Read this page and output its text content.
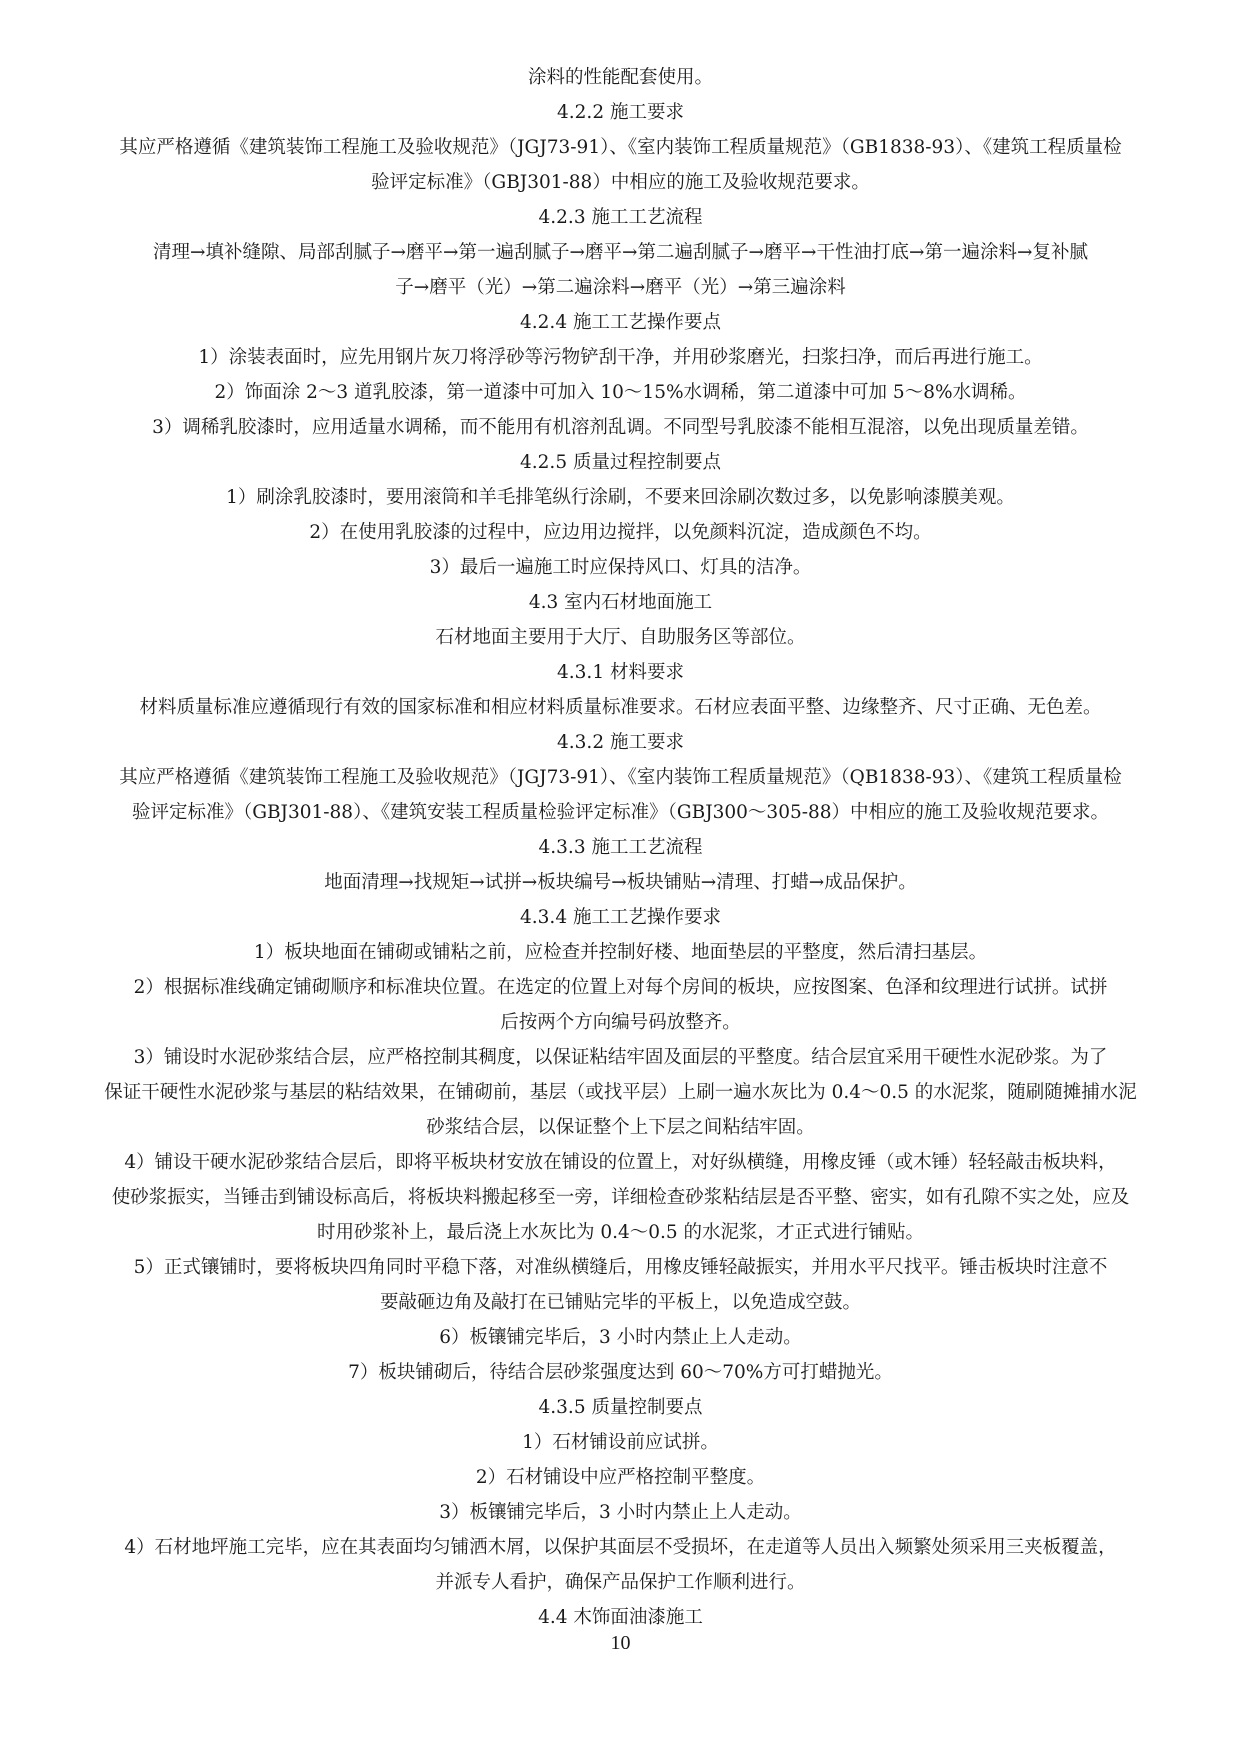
涂料的性能配套使用。
4.2.2 施工要求
其应严格遵循《建筑装饰工程施工及验收规范》（JGJ73-91）、《室内装饰工程质量规范》（GB1838-93）、《建筑工程质量检
验评定标准》（GBJ301-88）中相应的施工及验收规范要求。
4.2.3 施工工艺流程
清理→填补缝隙、局部刮腻子→磨平→第一遍刮腻子→磨平→第二遍刮腻子→磨平→干性油打底→第一遍涂料→复补腻
子→磨平（光）→第二遍涂料→磨平（光）→第三遍涂料
4.2.4 施工工艺操作要点
1）涂装表面时，应先用钢片灰刀将浮砂等污物铲刮干净，并用砂浆磨光，扫浆扫净，而后再进行施工。
2）饰面涂 2～3 道乳胶漆，第一道漆中可加入 10～15%水调稀，第二道漆中可加 5～8%水调稀。
3）调稀乳胶漆时，应用适量水调稀，而不能用有机溶剂乱调。不同型号乳胶漆不能相互混溶，以免出现质量差错。
4.2.5 质量过程控制要点
1）刷涂乳胶漆时，要用滚筒和羊毛排笔纵行涂刷，不要来回涂刷次数过多，以免影响漆膜美观。
2）在使用乳胶漆的过程中，应边用边搅拌，以免颜料沉淀，造成颜色不均。
3）最后一遍施工时应保持风口、灯具的洁净。
4.3 室内石材地面施工
石材地面主要用于大厅、自助服务区等部位。
4.3.1 材料要求
材料质量标准应遵循现行有效的国家标准和相应材料质量标准要求。石材应表面平整、边缘整齐、尺寸正确、无色差。
4.3.2 施工要求
其应严格遵循《建筑装饰工程施工及验收规范》（JGJ73-91）、《室内装饰工程质量规范》（QB1838-93）、《建筑工程质量检
验评定标准》（GBJ301-88）、《建筑安装工程质量检验评定标准》（GBJ300～305-88）中相应的施工及验收规范要求。
4.3.3 施工工艺流程
地面清理→找规矩→试拼→板块编号→板块铺贴→清理、打蜡→成品保护。
4.3.4 施工工艺操作要求
1）板块地面在铺砌或铺粘之前，应检查并控制好楼、地面垫层的平整度，然后清扫基层。
2）根据标准线确定铺砌顺序和标准块位置。在选定的位置上对每个房间的板块，应按图案、色泽和纹理进行试拼。试拼
后按两个方向编号码放整齐。
3）铺设时水泥砂浆结合层，应严格控制其稠度，以保证粘结牢固及面层的平整度。结合层宜采用干硬性水泥砂浆。为了
保证干硬性水泥砂浆与基层的粘结效果，在铺砌前，基层（或找平层）上刷一遍水灰比为 0.4～0.5 的水泥浆，随刷随摊捕水泥
砂浆结合层，以保证整个上下层之间粘结牢固。
4）铺设干硬水泥砂浆结合层后，即将平板块材安放在铺设的位置上，对好纵横缝，用橡皮锤（或木锤）轻轻敲击板块料，
使砂浆振实，当锤击到铺设标高后，将板块料搬起移至一旁，详细检查砂浆粘结层是否平整、密实，如有孔隙不实之处，应及
时用砂浆补上，最后浇上水灰比为 0.4～0.5 的水泥浆，才正式进行铺贴。
5）正式镶铺时，要将板块四角同时平稳下落，对准纵横缝后，用橡皮锤轻敲振实，并用水平尺找平。锤击板块时注意不
要敲砸边角及敲打在已铺贴完毕的平板上，以免造成空鼓。
6）板镶铺完毕后，3 小时内禁止上人走动。
7）板块铺砌后，待结合层砂浆强度达到 60～70%方可打蜡抛光。
4.3.5 质量控制要点
1）石材铺设前应试拼。
2）石材铺设中应严格控制平整度。
3）板镶铺完毕后，3 小时内禁止上人走动。
4）石材地坪施工完毕，应在其表面均匀铺洒木屑，以保护其面层不受损坏，在走道等人员出入频繁处须采用三夹板覆盖，
并派专人看护，确保产品保护工作顺利进行。
4.4 木饰面油漆施工
10
